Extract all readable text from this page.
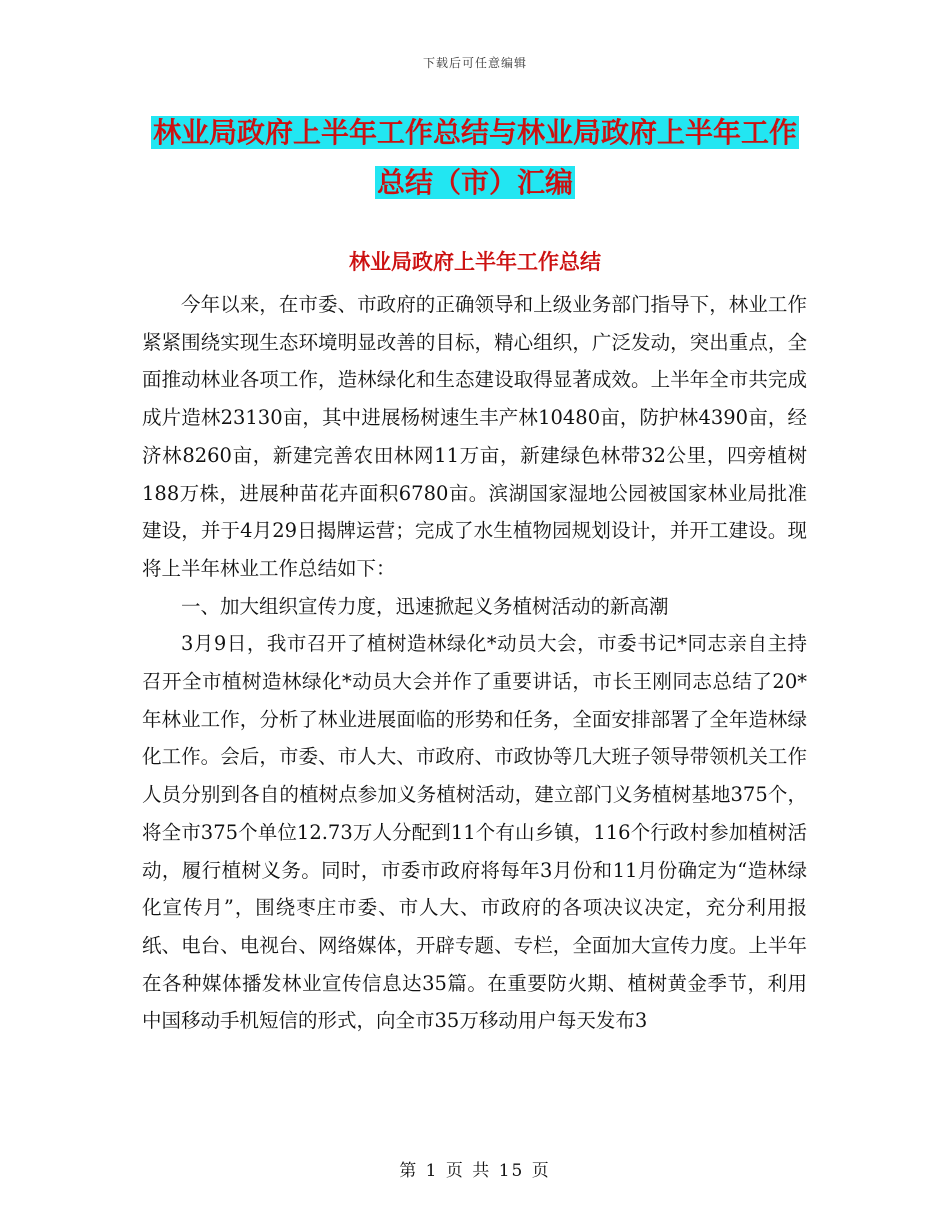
下载后可任意编辑
林业局政府上半年工作总结与林业局政府上半年工作
总结（市）汇编
林业局政府上半年工作总结

今年以来，在市委、市政府的正确领导和上级业务部门指导下，林业工作紧紧围绕实现生态环境明显改善的目标，精心组织，广泛发动，突出重点，全面推动林业各项工作，造林绿化和生态建设取得显著成效。上半年全市共完成成片造林23130亩，其中进展杨树速生丰产林10480亩，防护林4390亩，经济林8260亩，新建完善农田林网11万亩，新建绿色林带32公里，四旁植树188万株，进展种苗花卉面积6780亩。滨湖国家湿地公园被国家林业局批准建设，并于4月29日揭牌运营；完成了水生植物园规划设计，并开工建设。现将上半年林业工作总结如下：

一、加大组织宣传力度，迅速掀起义务植树活动的新高潮

3月9日，我市召开了植树造林绿化*动员大会，市委书记*同志亲自主持召开全市植树造林绿化*动员大会并作了重要讲话，市长王刚同志总结了20*年林业工作，分析了林业进展面临的形势和任务，全面安排部署了全年造林绿化工作。会后，市委、市人大、市政府、市政协等几大班子领导带领机关工作人员分别到各自的植树点参加义务植树活动，建立部门义务植树基地375个，将全市375个单位12.73万人分配到11个有山乡镇，116个行政村参加植树活动，履行植树义务。同时，市委市政府将每年3月份和11月份确定为“造林绿化宣传月”，围绕枣庄市委、市人大、市政府的各项决议决定，充分利用报纸、电台、电视台、网络媒体，开辟专题、专栏，全面加大宣传力度。上半年在各种媒体播发林业宣传信息达35篇。在重要防火期、植树黄金季节，利用中国移动手机短信的形式，向全市35万移动用户每天发布3

第 1 页 共 15 页
